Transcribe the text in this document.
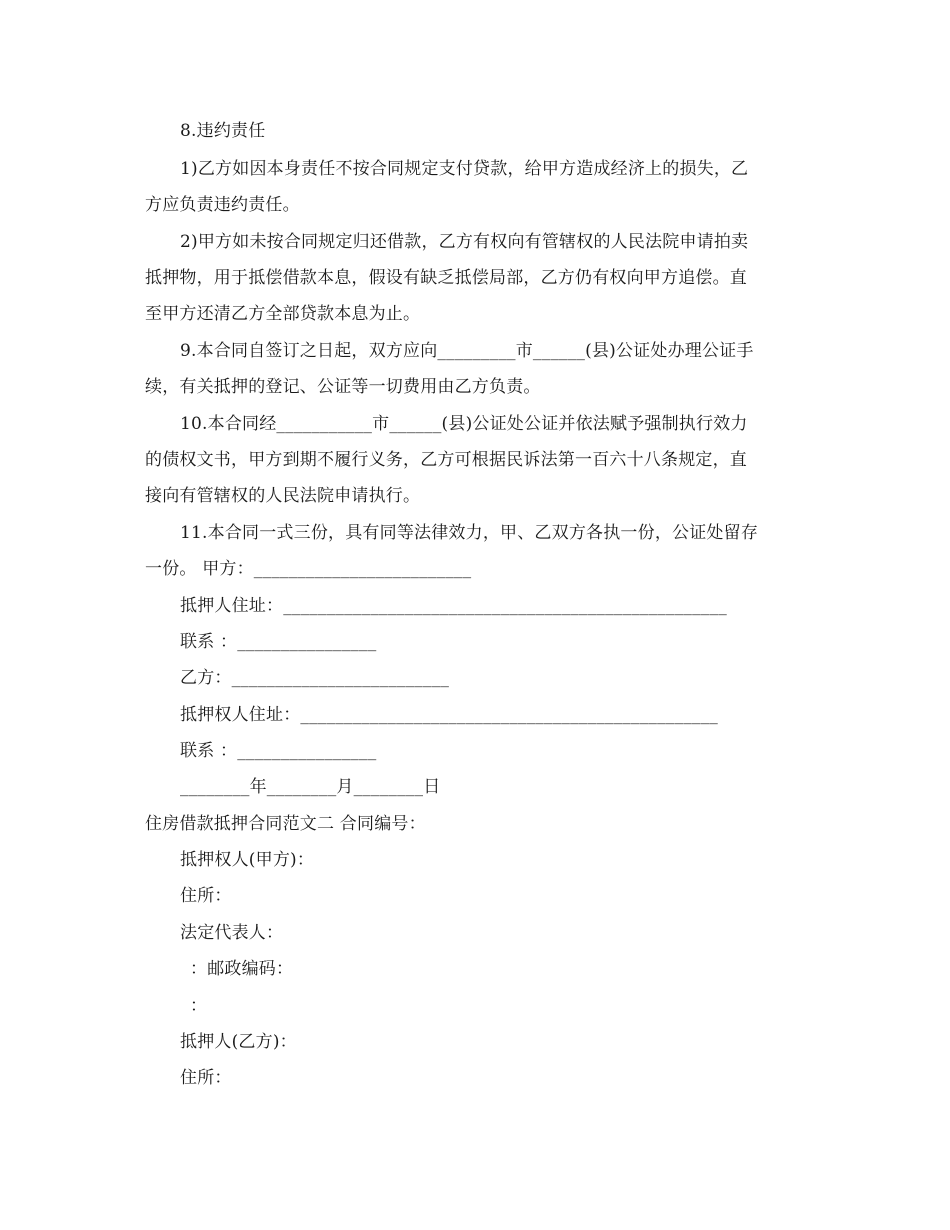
8.违约责任
1)乙方如因本身责任不按合同规定支付贷款，给甲方造成经济上的损失，乙
方应负责违约责任。
2)甲方如未按合同规定归还借款，乙方有权向有管辖权的人民法院申请拍卖
抵押物，用于抵偿借款本息，假设有缺乏抵偿局部，乙方仍有权向甲方追偿。直
至甲方还清乙方全部贷款本息为止。
9.本合同自签订之日起，双方应向_________市______(县)公证处办理公证手
续，有关抵押的登记、公证等一切费用由乙方负责。
10.本合同经___________市______(县)公证处公证并依法赋予强制执行效力
的债权文书，甲方到期不履行义务，乙方可根据民诉法第一百六十八条规定，直
接向有管辖权的人民法院申请执行。
11.本合同一式三份，具有同等法律效力，甲、乙双方各执一份，公证处留存
一份。 甲方：_________________________
抵押人住址：___________________________________________________
联系 ：________________
乙方：_________________________
抵押权人住址：________________________________________________
联系 ：________________
________年________月________日
住房借款抵押合同范文二 合同编号：
抵押权人(甲方)：
住所：
法定代表人：
：邮政编码：
：
抵押人(乙方)：
住所：
